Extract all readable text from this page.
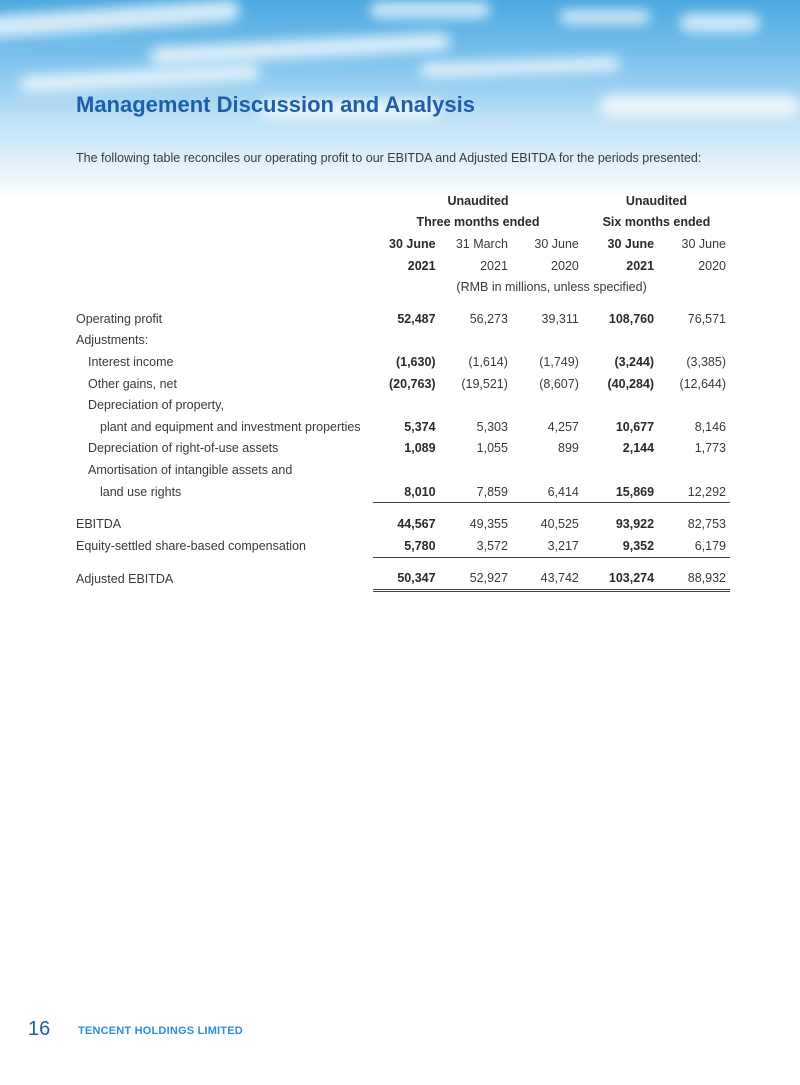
Management Discussion and Analysis

The following table reconciles our operating profit to our EBITDA and Adjusted EBITDA for the periods presented:

	Unaudited			Unaudited	
	Three months ended			Six months ended	
	30 June	31 March	30 June	30 June	30 June
	2021	2021	2020	2021	2020
	(RMB in millions, unless specified)				

Operating profit	52,487	56,273	39,311	108,760	76,571
Adjustments:					
Interest income	(1,630)	(1,614)	(1,749)	(3,244)	(3,385)
Other gains, net	(20,763)	(19,521)	(8,607)	(40,284)	(12,644)
Depreciation of property,					
plant and equipment and investment properties	5,374	5,303	4,257	10,677	8,146
Depreciation of right-of-use assets	1,089	1,055	899	2,144	1,773
Amortisation of intangible assets and					
land use rights	8,010	7,859	6,414	15,869	12,292

EBITDA	44,567	49,355	40,525	93,922	82,753
Equity-settled share-based compensation	5,780	3,572	3,217	9,352	6,179

Adjusted EBITDA	50,347	52,927	43,742	103,274	88,932

16	TENCENT HOLDINGS LIMITED
